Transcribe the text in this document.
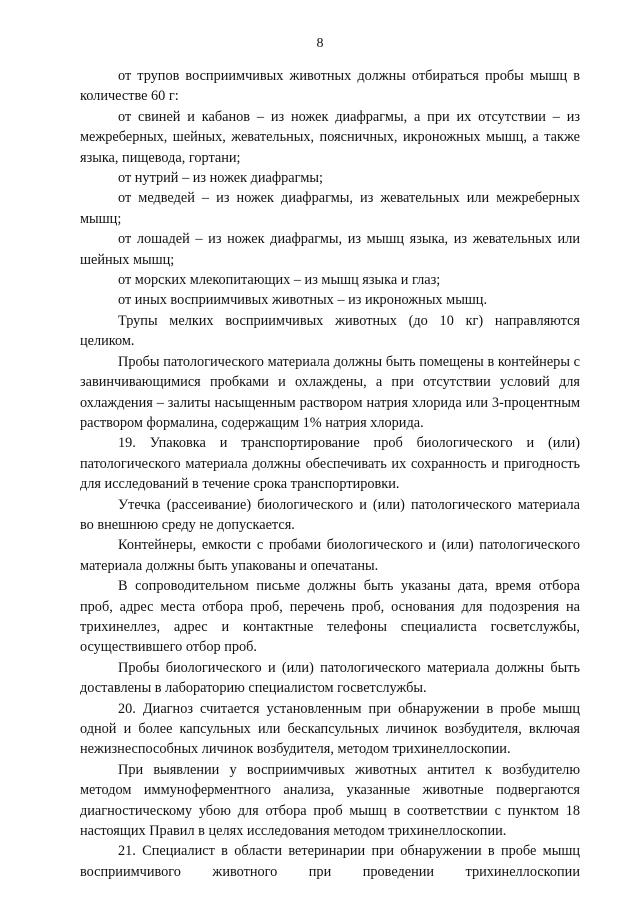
8

от трупов восприимчивых животных должны отбираться пробы мышц в количестве 60 г:

от свиней и кабанов – из ножек диафрагмы, а при их отсутствии – из межреберных, шейных, жевательных, поясничных, икроножных мышц, а также языка, пищевода, гортани;

от нутрий – из ножек диафрагмы;

от медведей – из ножек диафрагмы, из жевательных или межреберных мышц;

от лошадей – из ножек диафрагмы, из мышц языка, из жевательных или шейных мышц;

от морских млекопитающих – из мышц языка и глаз;

от иных восприимчивых животных – из икроножных мышц.

Трупы мелких восприимчивых животных (до 10 кг) направляются целиком.

Пробы патологического материала должны быть помещены в контейнеры с завинчивающимися пробками и охлаждены, а при отсутствии условий для охлаждения – залиты насыщенным раствором натрия хлорида или 3-процентным раствором формалина, содержащим 1% натрия хлорида.

19. Упаковка и транспортирование проб биологического и (или) патологического материала должны обеспечивать их сохранность и пригодность для исследований в течение срока транспортировки.

Утечка (рассеивание) биологического и (или) патологического материала во внешнюю среду не допускается.

Контейнеры, емкости с пробами биологического и (или) патологического материала должны быть упакованы и опечатаны.

В сопроводительном письме должны быть указаны дата, время отбора проб, адрес места отбора проб, перечень проб, основания для подозрения на трихинеллез, адрес и контактные телефоны специалиста госветслужбы, осуществившего отбор проб.

Пробы биологического и (или) патологического материала должны быть доставлены в лабораторию специалистом госветслужбы.

20. Диагноз считается установленным при обнаружении в пробе мышц одной и более капсульных или бескапсульных личинок возбудителя, включая нежизнеспособных личинок возбудителя, методом трихинеллоскопии.

При выявлении у восприимчивых животных антител к возбудителю методом иммуноферментного анализа, указанные животные подвергаются диагностическому убою для отбора проб мышц в соответствии с пунктом 18 настоящих Правил в целях исследования методом трихинеллоскопии.

21. Специалист в области ветеринарии при обнаружении в пробе мышц восприимчивого животного при проведении трихинеллоскопии
